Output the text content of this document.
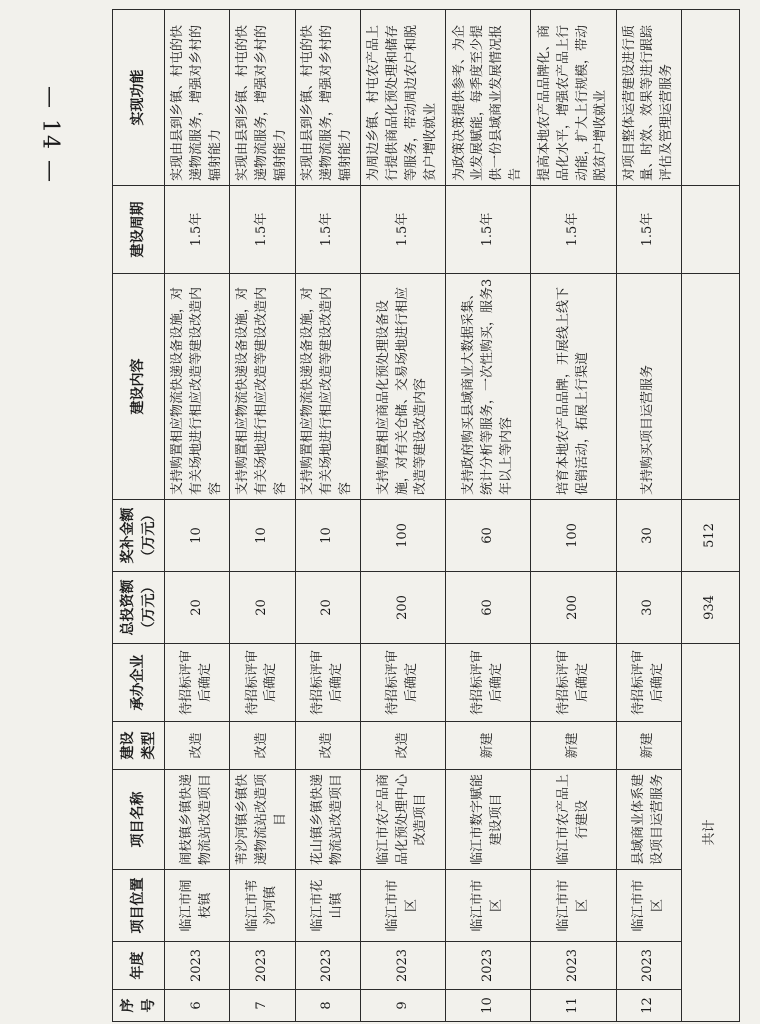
— 14 —
序号	年度	项目位置	项目名称	建设类型	承办企业	总投资额（万元）	奖补金额（万元）	建设内容	建设周期	实现功能
6	2023	临江市闹枝镇	闹枝镇乡镇快递物流站改造项目	改造	待招标评审后确定	20	10	支持购置相应物流快递设备设施，对有关场地进行相应改造等建设改造内容	1.5年	实现由县到乡镇、村屯的快递物流服务，增强对乡村的辐射能力
7	2023	临江市苇沙河镇	苇沙河镇乡镇快递物流站改造项目	改造	待招标评审后确定	20	10	支持购置相应物流快递设备设施，对有关场地进行相应改造等建设改造内容	1.5年	实现由县到乡镇、村屯的快递物流服务，增强对乡村的辐射能力
8	2023	临江市花山镇	花山镇乡镇快递物流站改造项目	改造	待招标评审后确定	20	10	支持购置相应物流快递设备设施，对有关场地进行相应改造等建设改造内容	1.5年	实现由县到乡镇、村屯的快递物流服务，增强对乡村的辐射能力
9	2023	临江市市区	临江市农产品商品化预处理中心改造项目	改造	待招标评审后确定	200	100	支持购置相应商品化预处理设备设施，对有关仓储、交易场地进行相应改造等建设改造内容	1.5年	为周边乡镇、村屯农产品上行提供商品化预处理和储存等服务，带动周边农户和脱贫户增收就业
10	2023	临江市市区	临江市数字赋能建设项目	新建	待招标评审后确定	60	60	支持政府购买县域商业大数据采集、统计分析等服务，一次性购买，服务3年以上等内容	1.5年	为政策决策提供参考、为企业发展赋能，每季度至少提供一份县域商业发展情况报告
11	2023	临江市市区	临江市农产品上行建设	新建	待招标评审后确定	200	100	培育本地农产品品牌，开展线上线下促销活动，拓展上行渠道	1.5年	提高本地农产品品牌化、商品化水平，增强农产品上行动能，扩大上行规模，带动脱贫户增收就业
12	2023	临江市市区	县域商业体系建设项目运营服务	新建	待招标评审后确定	30	30	支持购买项目运营服务	1.5年	对项目整体运营建设进行质量、时效、效果等进行跟踪评估及管理运营服务
共计						934	512			
